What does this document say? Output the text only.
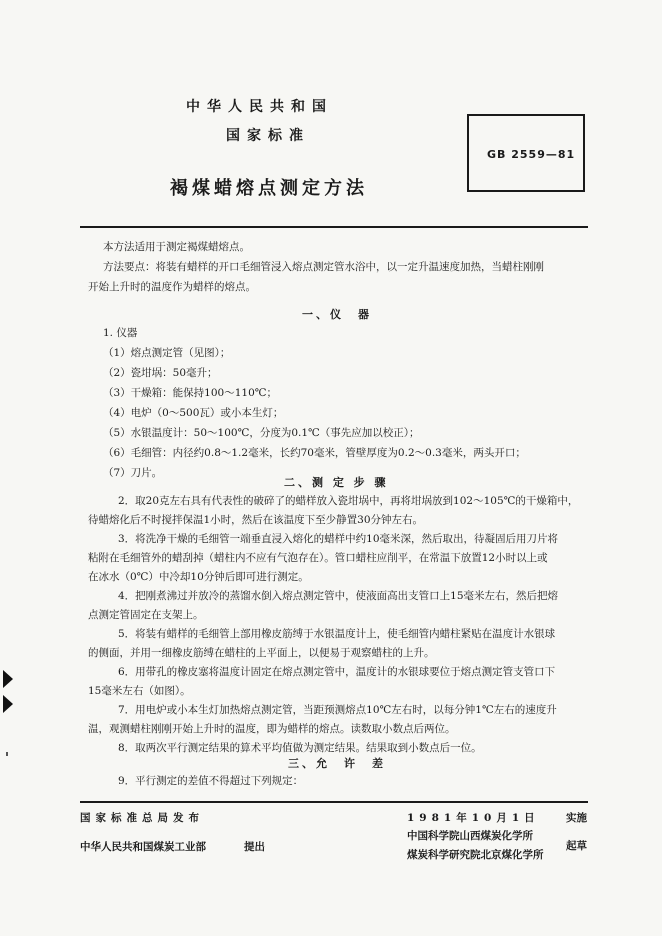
中华人民共和国
国家标准
褐煤蜡熔点测定方法
GB 2559—81
本方法适用于测定褐煤蜡熔点。
方法要点：将装有蜡样的开口毛细管浸入熔点测定管水浴中，以一定升温速度加热，当蜡柱刚刚
开始上升时的温度作为蜡样的熔点。
一、仪　器
1. 仪器
（1）熔点测定管（见图）；
（2）瓷坩埚：50毫升；
（3）干燥箱：能保持100～110℃；
（4）电炉（0～500瓦）或小本生灯；
（5）水银温度计：50～100℃，分度为0.1℃（事先应加以校正）；
（6）毛细管：内径约0.8～1.2毫米，长约70毫米，管壁厚度为0.2～0.3毫米，两头开口；
（7）刀片。
二、测 定 步 骤
2．取20克左右具有代表性的破碎了的蜡样放入瓷坩埚中，再将坩埚放到102～105℃的干燥箱中，
待蜡熔化后不时搅拌保温1小时，然后在该温度下至少静置30分钟左右。
3．将洗净干燥的毛细管一端垂直浸入熔化的蜡样中约10毫米深，然后取出，待凝固后用刀片将
粘附在毛细管外的蜡刮掉（蜡柱内不应有气泡存在）。管口蜡柱应削平，在常温下放置12小时以上或
在冰水（0℃）中冷却10分钟后即可进行测定。
4．把刚煮沸过并放冷的蒸馏水倒入熔点测定管中，使液面高出支管口上15毫米左右，然后把熔
点测定管固定在支架上。
5．将装有蜡样的毛细管上部用橡皮筋缚于水银温度计上，使毛细管内蜡柱紧贴在温度计水银球
的侧面，并用一细橡皮筋缚在蜡柱的上平面上，以便易于观察蜡柱的上升。
6．用带孔的橡皮塞将温度计固定在熔点测定管中，温度计的水银球要位于熔点测定管支管口下
15毫米左右（如图）。
7．用电炉或小本生灯加热熔点测定管，当距预测熔点10℃左右时，以每分钟1℃左右的速度升
温，观测蜡柱刚刚开始上升时的温度，即为蜡样的熔点。读数取小数点后两位。
8．取两次平行测定结果的算术平均值做为测定结果。结果取到小数点后一位。
三、允　许　差
9．平行测定的差值不得超过下列规定：
国家标准总局发布	1981年10月1日	实施
中华人民共和国煤炭工业部	提出
中国科学院山西煤炭化学所
煤炭科学研究院北京煤化学所
起草
